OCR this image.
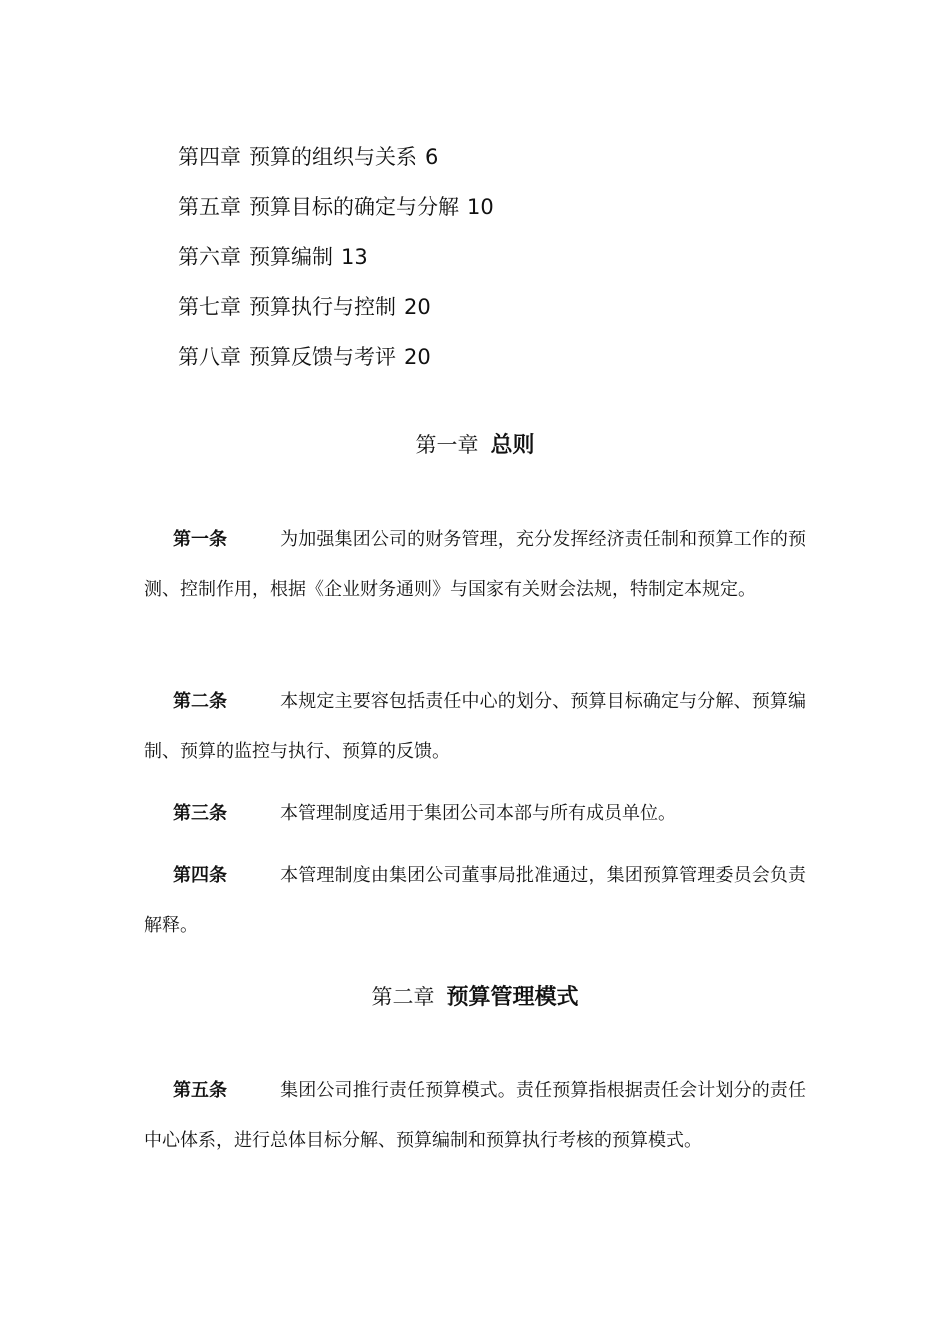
第四章 预算的组织与关系 6
第五章 预算目标的确定与分解 10
第六章 预算编制 13
第七章 预算执行与控制 20
第八章 预算反馈与考评 20
第一章 总则

第一条	为加强集团公司的财务管理，充分发挥经济责任制和预算工作的预测、控制作用，根据《企业财务通则》与国家有关财会法规，特制定本规定。

第二条	本规定主要容包括责任中心的划分、预算目标确定与分解、预算编制、预算的监控与执行、预算的反馈。

第三条	本管理制度适用于集团公司本部与所有成员单位。

第四条	本管理制度由集团公司董事局批准通过，集团预算管理委员会负责解释。

第二章 预算管理模式

第五条	集团公司推行责任预算模式。责任预算指根据责任会计划分的责任中心体系，进行总体目标分解、预算编制和预算执行考核的预算模式。
